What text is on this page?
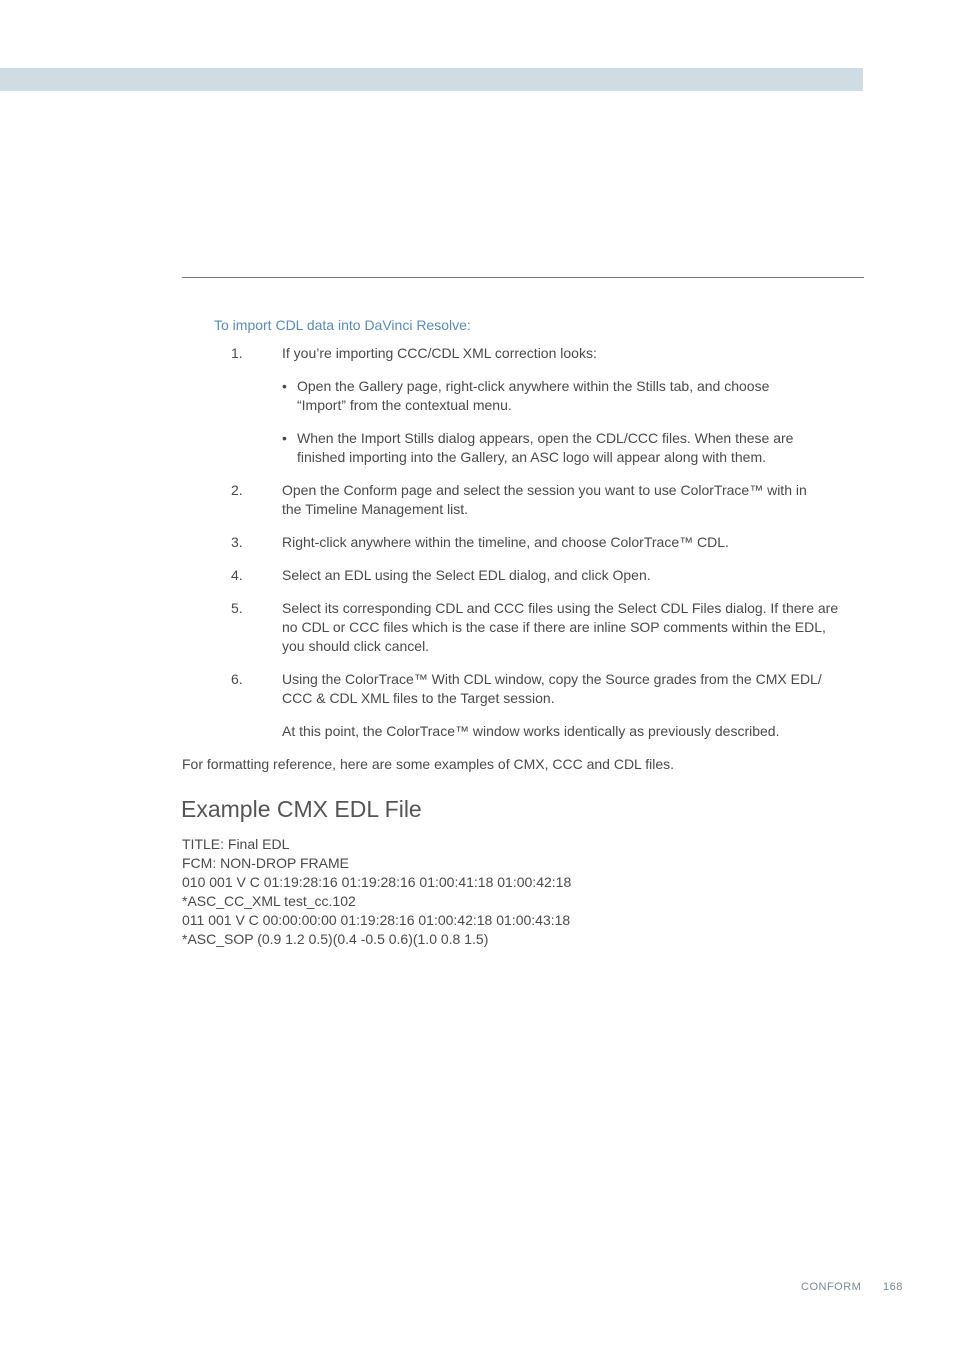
To import CDL data into DaVinci Resolve:
1.	If you’re importing CCC/CDL XML correction looks:
• Open the Gallery page, right-click anywhere within the Stills tab, and choose
“Import” from the contextual menu.
• When the Import Stills dialog appears, open the CDL/CCC files. When these are
finished importing into the Gallery, an ASC logo will appear along with them.
2.	Open the Conform page and select the session you want to use ColorTrace™ with in
the Timeline Management list.
3.	Right-click anywhere within the timeline, and choose ColorTrace™ CDL.
4.	Select an EDL using the Select EDL dialog, and click Open.
5.	Select its corresponding CDL and CCC files using the Select CDL Files dialog. If there are
no CDL or CCC files which is the case if there are inline SOP comments within the EDL,
you should click cancel.
6.	Using the ColorTrace™ With CDL window, copy the Source grades from the CMX EDL/
CCC & CDL XML files to the Target session.
At this point, the ColorTrace™ window works identically as previously described.
For formatting reference, here are some examples of CMX, CCC and CDL files.
Example CMX EDL File
TITLE: Final EDL
FCM: NON-DROP FRAME
010 001 V C 01:19:28:16 01:19:28:16 01:00:41:18 01:00:42:18
*ASC_CC_XML test_cc.102
011 001 V C 00:00:00:00 01:19:28:16 01:00:42:18 01:00:43:18
*ASC_SOP (0.9 1.2 0.5)(0.4 -0.5 0.6)(1.0 0.8 1.5)
CONFORM 168
